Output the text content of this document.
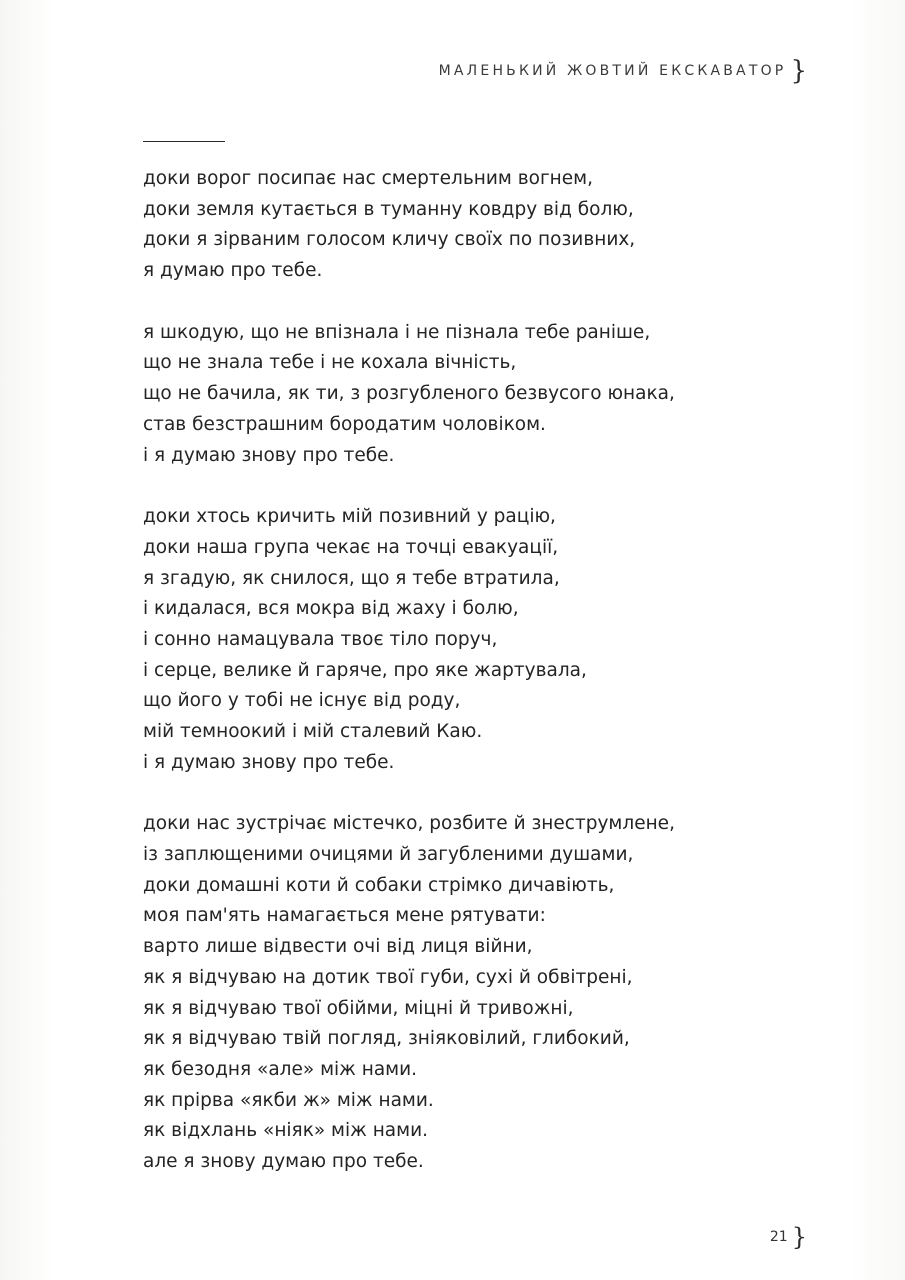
МАЛЕНЬКИЙ ЖОВТИЙ ЕКСКАВАТОР }
доки ворог посипає нас смертельним вогнем,
доки земля кутається в туманну ковдру від болю,
доки я зірваним голосом кличу своїх по позивних,
я думаю про тебе.
я шкодую, що не впізнала і не пізнала тебе раніше,
що не знала тебе і не кохала вічність,
що не бачила, як ти, з розгубленого безвусого юнака,
став безстрашним бородатим чоловіком.
і я думаю знову про тебе.
доки хтось кричить мій позивний у рацію,
доки наша група чекає на точці евакуації,
я згадую, як снилося, що я тебе втратила,
і кидалася, вся мокра від жаху і болю,
і сонно намацувала твоє тіло поруч,
і серце, велике й гаряче, про яке жартувала,
що його у тобі не існує від роду,
мій темноокий і мій сталевий Каю.
і я думаю знову про тебе.
доки нас зустрічає містечко, розбите й знеструмлене,
із заплющеними очицями й загубленими душами,
доки домашні коти й собаки стрімко дичавіють,
моя пам'ять намагається мене рятувати:
варто лише відвести очі від лиця війни,
як я відчуваю на дотик твої губи, сухі й обвітрені,
як я відчуваю твої обійми, міцні й тривожні,
як я відчуваю твій погляд, зніяковілий, глибокий,
як безодня «але» між нами.
як прірва «якби ж» між нами.
як відхлань «ніяк» між нами.
але я знову думаю про тебе.
21 }
